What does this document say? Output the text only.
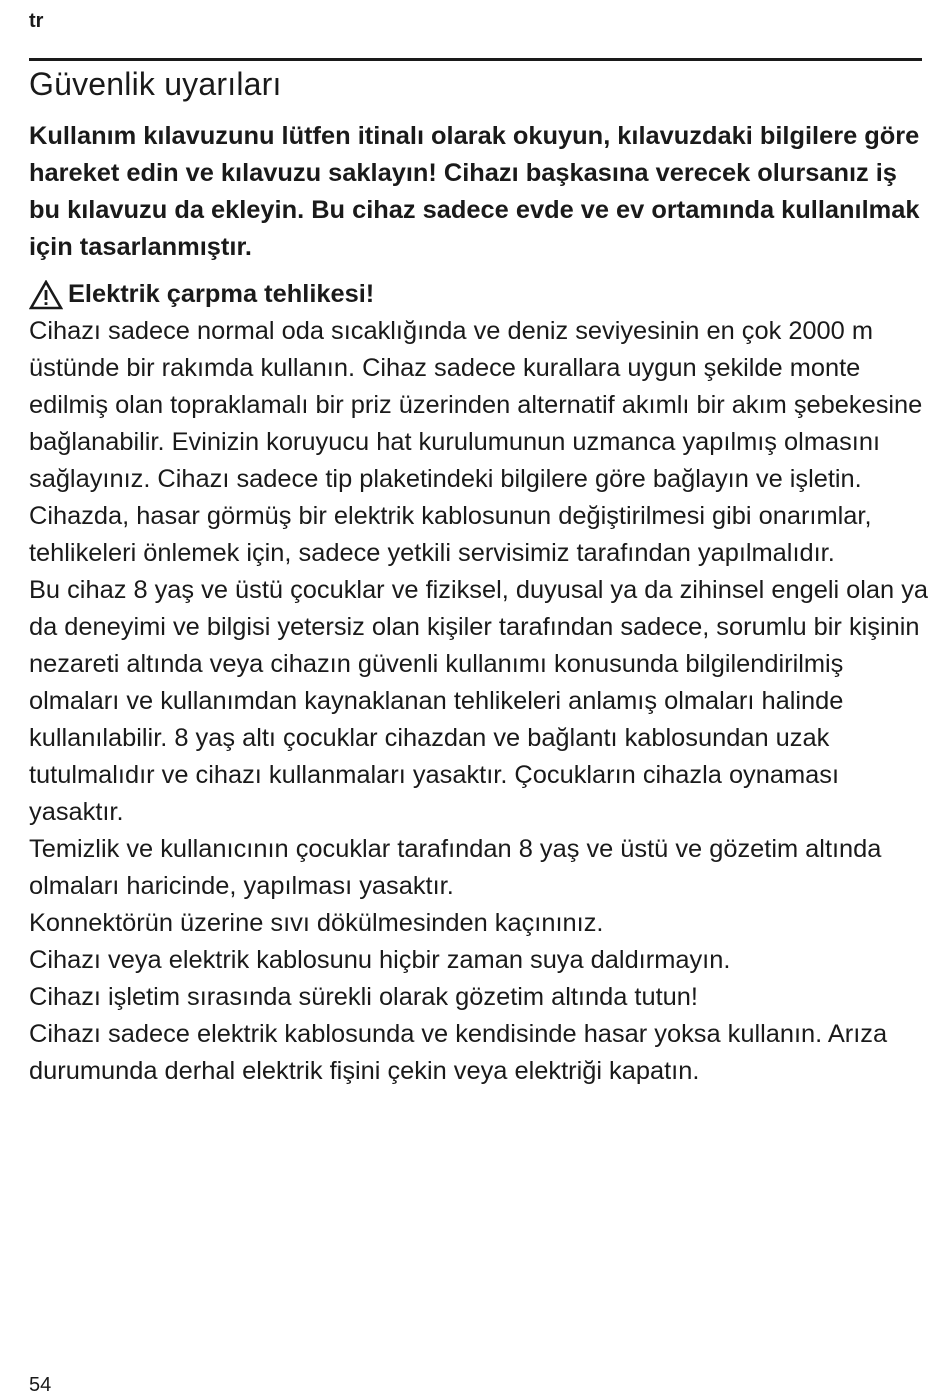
tr
Güvenlik uyarıları

Kullanım kılavuzunu lütfen itinalı olarak okuyun, kılavuzdaki bilgilere göre hareket edin ve kılavuzu saklayın! Cihazı başkasına verecek olursanız iş bu kılavuzu da ekleyin. Bu cihaz sadece evde ve ev ortamında kullanılmak için tasarlanmıştır.

Elektrik çarpma tehlikesi!

Cihazı sadece normal oda sıcaklığında ve deniz seviyesinin en çok 2000 m üstünde bir rakımda kullanın. Cihaz sadece kurallara uygun şekilde monte edilmiş olan topraklamalı bir priz üzerinden alternatif akımlı bir akım şebekesine bağlanabilir. Evinizin koruyucu hat kurulumunun uzmanca yapılmış olmasını sağlayınız. Cihazı sadece tip plaketindeki bilgilere göre bağlayın ve işletin. Cihazda, hasar görmüş bir elektrik kablosunun değiştirilmesi gibi onarımlar, tehlikeleri önlemek için, sadece yetkili servisimiz tarafından yapılmalıdır.

Bu cihaz 8 yaş ve üstü çocuklar ve fiziksel, duyusal ya da zihinsel engeli olan ya da deneyimi ve bilgisi yetersiz olan kişiler tarafından sadece, sorumlu bir kişinin nezareti altında veya cihazın güvenli kullanımı konusunda bilgilendirilmiş olmaları ve kullanımdan kaynaklanan tehlikeleri anlamış olmaları halinde kullanılabilir. 8 yaş altı çocuklar cihazdan ve bağlantı kablosundan uzak tutulmalıdır ve cihazı kullanmaları yasaktır. Çocukların cihazla oynaması yasaktır.

Temizlik ve kullanıcının çocuklar tarafından 8 yaş ve üstü ve gözetim altında olmaları haricinde, yapılması yasaktır.

Konnektörün üzerine sıvı dökülmesinden kaçınınız.

Cihazı veya elektrik kablosunu hiçbir zaman suya daldırmayın.

Cihazı işletim sırasında sürekli olarak gözetim altında tutun!

Cihazı sadece elektrik kablosunda ve kendisinde hasar yoksa kullanın. Arıza durumunda derhal elektrik fişini çekin veya elektriği kapatın.

54
